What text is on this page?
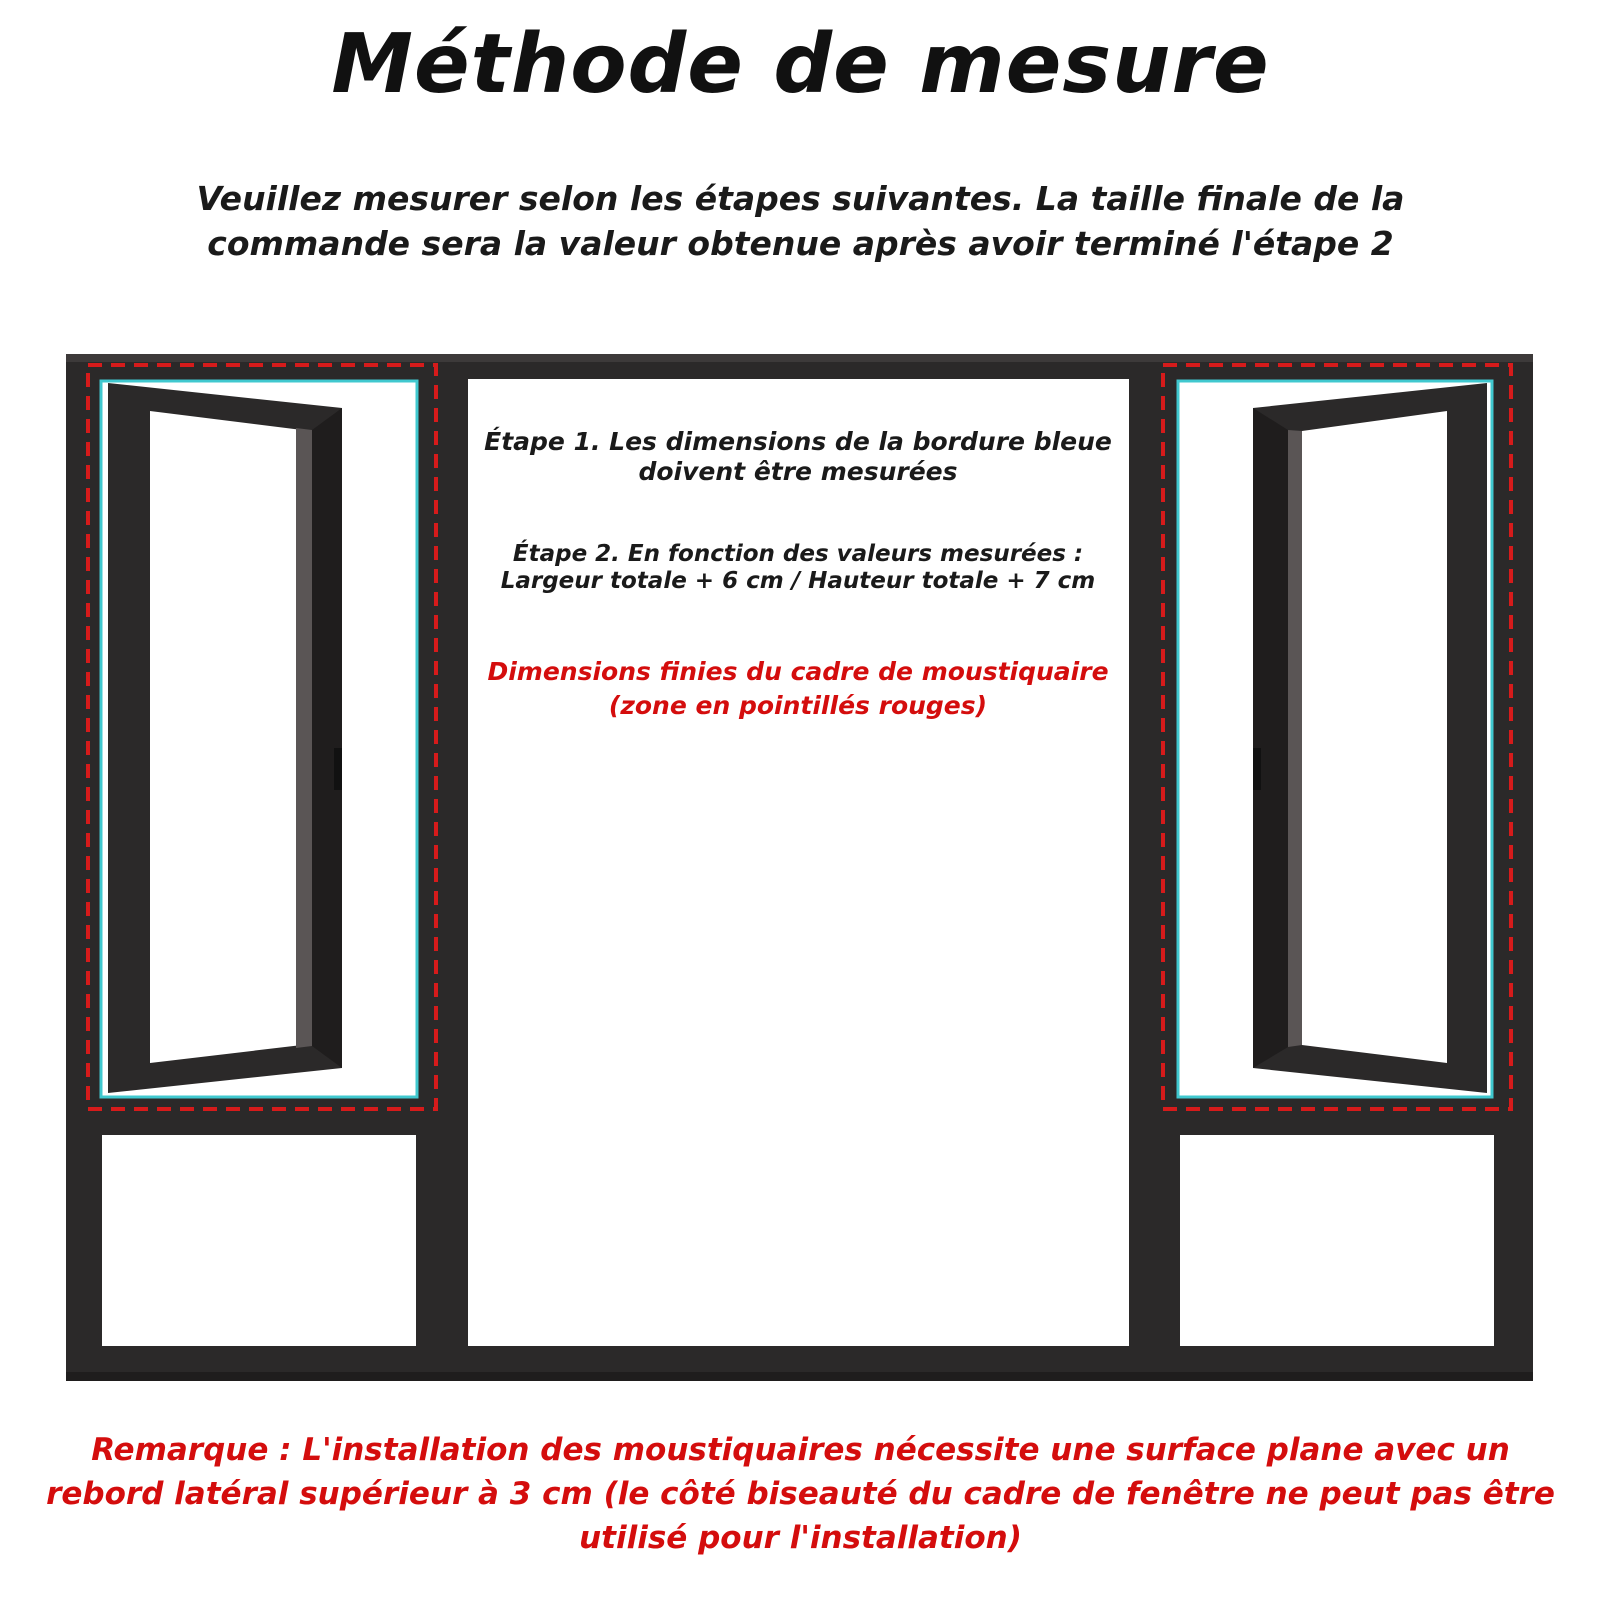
Méthode de mesure
Veuillez mesurer selon les étapes suivantes. La taille finale de la
commande sera la valeur obtenue après avoir terminé l'étape 2
Étape 1. Les dimensions de la bordure bleue
doivent être mesurées
Étape 2. En fonction des valeurs mesurées :
Largeur totale + 6 cm / Hauteur totale + 7 cm
Dimensions finies du cadre de moustiquaire
(zone en pointillés rouges)
Remarque : L'installation des moustiquaires nécessite une surface plane avec un
rebord latéral supérieur à 3 cm (le côté biseauté du cadre de fenêtre ne peut pas être
utilisé pour l'installation)
